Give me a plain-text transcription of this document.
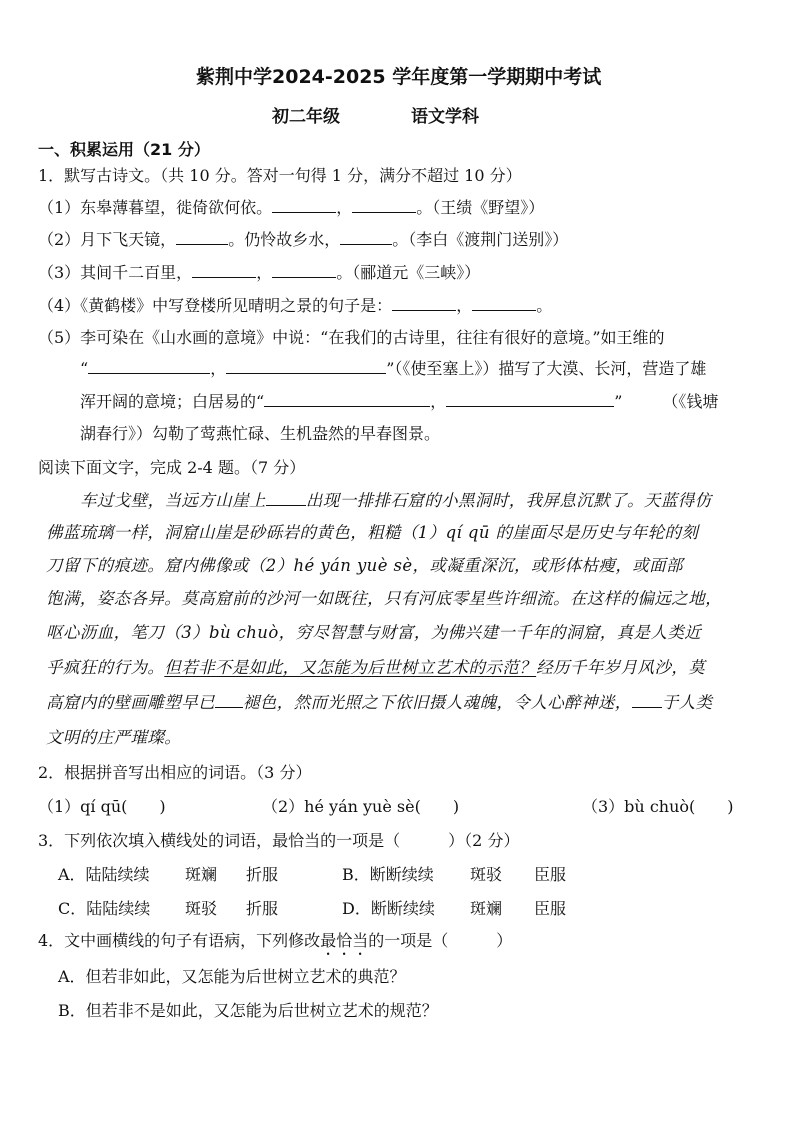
紫荆中学2024-2025 学年度第一学期期中考试
初二年级	语文学科
一、积累运用（21 分）
1．默写古诗文。（共 10 分。答对一句得 1 分，满分不超过 10 分）
（1）东皋薄暮望，徙倚欲何依。	，	。（王绩《野望》）
（2）月下飞天镜，	。仍怜故乡水，	。（李白《渡荆门送别》）
（3）其间千二百里，	，	。（郦道元《三峡》）
（4）《黄鹤楼》中写登楼所见晴明之景的句子是：	，	。
（5）李可染在《山水画的意境》中说：“在我们的古诗里，往往有很好的意境。”如王维的
“	，	”（《使至塞上》）描写了大漠、长河，营造了雄
浑开阔的意境；白居易的“	，	”	（《钱塘
湖春行》）勾勒了莺燕忙碌、生机盎然的早春图景。
阅读下面文字，完成 2-4 题。（7 分）
车过戈壁，当远方山崖上 出现一排排石窟的小黑洞时，我屏息沉默了。天蓝得仿
佛蓝琉璃一样，洞窟山崖是砂砾岩的黄色，粗糙（1）qí qū 的崖面尽是历史与年轮的刻
刀留下的痕迹。窟内佛像或（2）hé yán yuè sè，或凝重深沉，或形体枯瘦，或面部
饱满，姿态各异。莫高窟前的沙河一如既往，只有河底零星些许细流。在这样的偏远之地，
呕心沥血，笔刀（3）bù chuò，穷尽智慧与财富，为佛兴建一千年的洞窟，真是人类近
乎疯狂的行为。但若非不是如此，又怎能为后世树立艺术的示范？经历千年岁月风沙，莫
高窟内的壁画雕塑早已 褪色，然而光照之下依旧摄人魂魄，令人心醉神迷， 于人类
文明的庄严璀璨。
2．根据拼音写出相应的词语。（3 分）
（1）qí qū(　　)	（2）hé yán yuè sè(　　)	（3）bù chuò(　　)
3．下列依次填入横线处的词语，最恰当的一项是（　　　）（2 分）
A．陆陆续续 斑斓 折服	B．断断续续 斑驳 臣服
C．陆陆续续 斑驳 折服	D．断断续续 斑斓 臣服
4．文中画横线的句子有语病，下列修改最恰当的一项是（　　　）
A．但若非如此，又怎能为后世树立艺术的典范？
B．但若非不是如此，又怎能为后世树立艺术的规范？
